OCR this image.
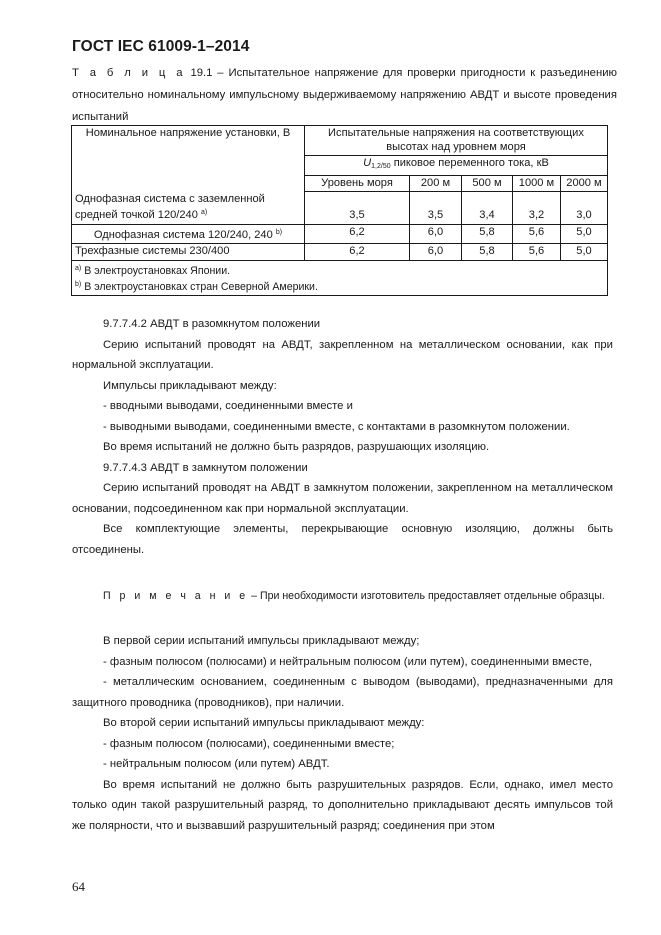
ГОСТ IEC 61009-1–2014
Т а б л и ц а 19.1 – Испытательное напряжение для проверки пригодности к разъединению относительно номинальному импульсному выдерживаемому напряжению АВДТ и высоте проведения испытаний
Номинальное напряжение установки, В	Испытательные напряжения на соответствующих высотах над уровнем моря				
	$U_{1,2/50}$ пиковое переменного тока, кВ				
	Уровень моря	200 м	500 м	1000 м	2000 м
Однофазная система с заземленной средней точкой 120/240 $^{a)}$	3,5	3,5	3,4	3,2	3,0
Однофазная система 120/240, 240 $^{b)}$	6,2	6,0	5,8	5,6	5,0
Трехфазные системы 230/400	6,2	6,0	5,8	5,6	5,0

$^{a)}$ В электроустановках Японии.
$^{b)}$ В электроустановках стран Северной Америки.					

9.7.7.4.2 АВДТ в разомкнутом положении

Серию испытаний проводят на АВДТ, закрепленном на металлическом основании, как при нормальной эксплуатации.

Импульсы прикладывают между:

- вводными выводами, соединенными вместе и

- выводными выводами, соединенными вместе, с контактами в разомкнутом положении.

Во время испытаний не должно быть разрядов, разрушающих изоляцию.

9.7.7.4.3 АВДТ в замкнутом положении

Серию испытаний проводят на АВДТ в замкнутом положении, закрепленном на металлическом основании, подсоединенном как при нормальной эксплуатации.

Все комплектующие элементы, перекрывающие основную изоляцию, должны быть отсоединены.

П р и м е ч а н и е – При необходимости изготовитель предоставляет отдельные образцы.

В первой серии испытаний импульсы прикладывают между;

- фазным полюсом (полюсами) и нейтральным полюсом (или путем), соединенными вместе,

- металлическим основанием, соединенным с выводом (выводами), предназначенными для защитного проводника (проводников), при наличии.

Во второй серии испытаний импульсы прикладывают между:

- фазным полюсом (полюсами), соединенными вместе;

- нейтральным полюсом (или путем) АВДТ.

Во время испытаний не должно быть разрушительных разрядов. Если, однако, имел место только один такой разрушительный разряд, то дополнительно прикладывают десять импульсов той же полярности, что и вызвавший разрушительный разряд; соединения при этом

64
